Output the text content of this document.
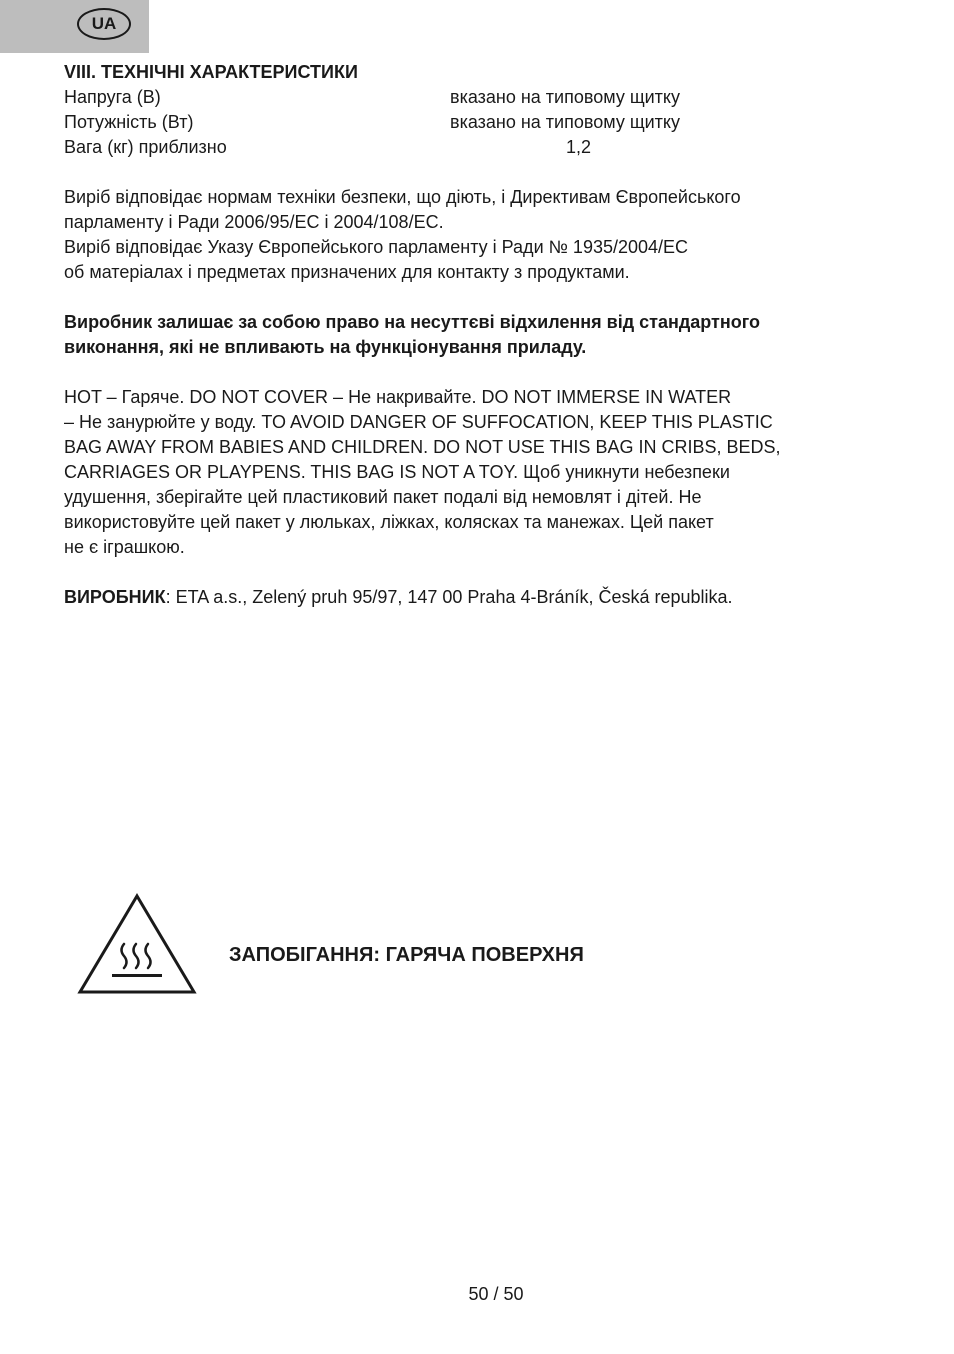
UA
VIII. ТЕХНІЧНІ ХАРАКТЕРИСТИКИ
Напруга (В)	вказано на типовому щитку
Потужність (Вт)	вказано на типовому щитку
Вага (кг) приблизно	1,2

Виріб відповідає нормам техніки безпеки, що діють, і Директивам Європейського

парламенту і Ради 2006/95/ЕС і 2004/108/ЕС.

Виріб відповідає Указу Європейського парламенту і Ради № 1935/2004/ЕС

об матеріалах і предметах призначених для контакту з продуктами.

Виробник залишає за собою право на несуттєві відхилення від стандартного

виконання, які не впливають на функціонування приладу.

HOT – Гаряче. DO NOT COVER – Не накривайте. DO NOT IMMERSE IN WATER

– Не занурюйте у воду. TO AVOID DANGER OF SUFFOCATION, KEEP THIS PLASTIC

BAG AWAY FROM BABIES AND CHILDREN. DO NOT USE THIS BAG IN CRIBS, BEDS,

CARRIAGES OR PLAYPENS. THIS BAG IS NOT A TOY. Щоб уникнути небезпеки

удушення, зберігайте цей пластиковий пакет подалі від немовлят і дітей. Не

використовуйте цей пакет у люльках, ліжках, колясках та манежах. Цей пакет

не є іграшкою.

ВИРОБНИК: ETA a.s., Zelený pruh 95/97, 147 00 Praha 4-Bráník, Česká republika.

ЗАПОБІГАННЯ: ГАРЯЧА ПОВЕРХНЯ
50 / 50
